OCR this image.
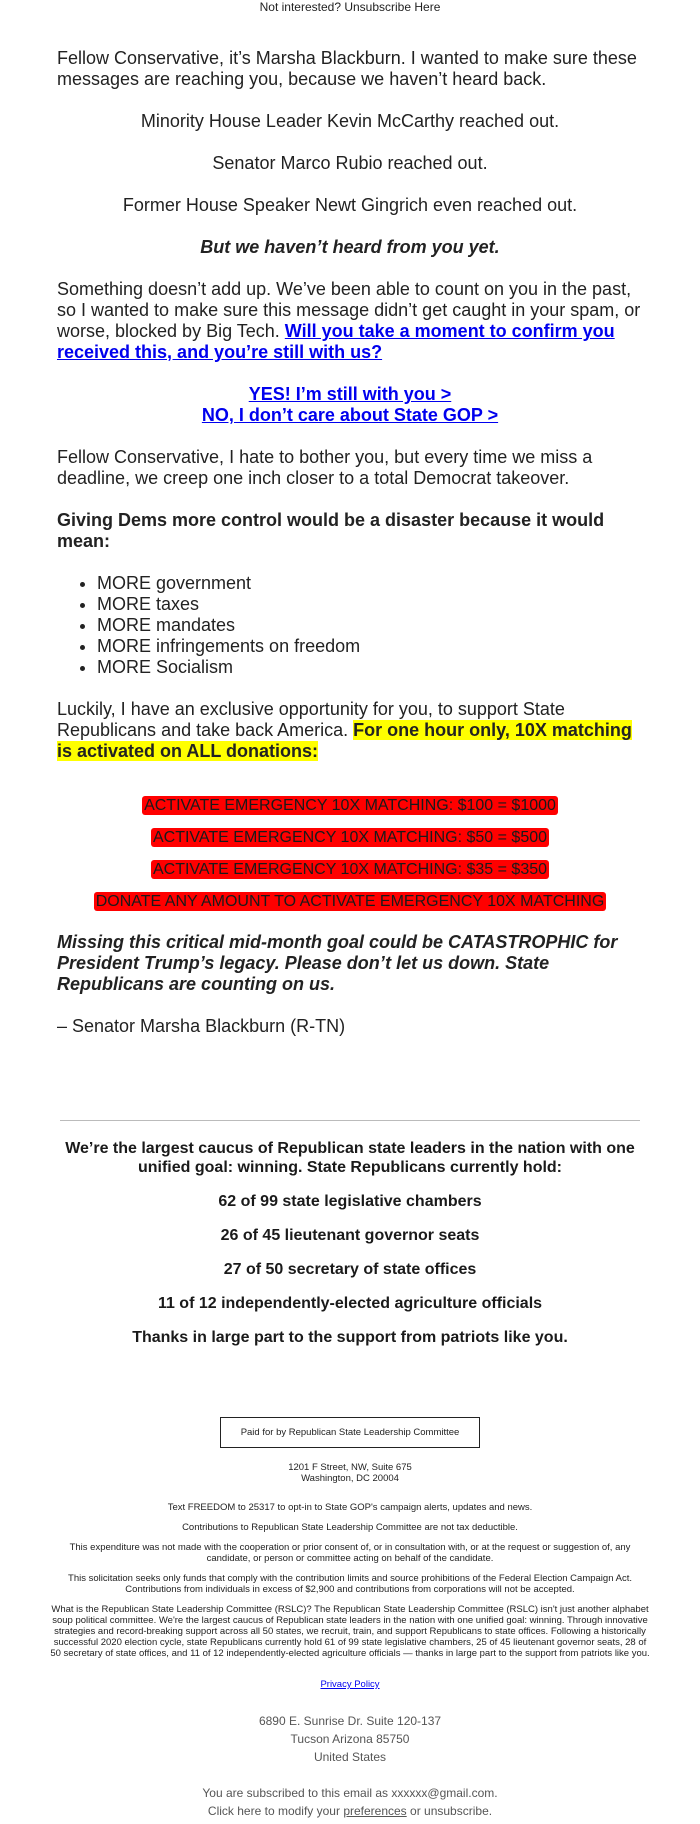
Not interested? Unsubscribe Here

Fellow Conservative, it’s Marsha Blackburn. I wanted to make sure these messages are reaching you, because we haven’t heard back.

Minority House Leader Kevin McCarthy reached out.

Senator Marco Rubio reached out.

Former House Speaker Newt Gingrich even reached out.

But we haven’t heard from you yet.

Something doesn’t add up. We’ve been able to count on you in the past, so I wanted to make sure this message didn’t get caught in your spam, or worse, blocked by Big Tech. Will you take a moment to confirm you received this, and you’re still with us?

YES! I’m still with you >
NO, I don’t care about State GOP >

Fellow Conservative, I hate to bother you, but every time we miss a deadline, we creep one inch closer to a total Democrat takeover.

Giving Dems more control would be a disaster because it would mean:

• MORE government
• MORE taxes
• MORE mandates
• MORE infringements on freedom
• MORE Socialism

Luckily, I have an exclusive opportunity for you, to support State Republicans and take back America. For one hour only, 10X matching is activated on ALL donations:

ACTIVATE EMERGENCY 10X MATCHING: $100 = $1000
ACTIVATE EMERGENCY 10X MATCHING: $50 = $500
ACTIVATE EMERGENCY 10X MATCHING: $35 = $350
DONATE ANY AMOUNT TO ACTIVATE EMERGENCY 10X MATCHING

Missing this critical mid-month goal could be CATASTROPHIC for President Trump’s legacy. Please don’t let us down. State Republicans are counting on us.

– Senator Marsha Blackburn (R-TN)

We’re the largest caucus of Republican state leaders in the nation with one unified goal: winning. State Republicans currently hold:

62 of 99 state legislative chambers

26 of 45 lieutenant governor seats

27 of 50 secretary of state offices

11 of 12 independently-elected agriculture officials

Thanks in large part to the support from patriots like you.

Paid for by Republican State Leadership Committee

1201 F Street, NW, Suite 675
Washington, DC 20004

Text FREEDOM to 25317 to opt-in to State GOP's campaign alerts, updates and news.

Contributions to Republican State Leadership Committee are not tax deductible.

This expenditure was not made with the cooperation or prior consent of, or in consultation with, or at the request or suggestion of, any candidate, or person or committee acting on behalf of the candidate.

This solicitation seeks only funds that comply with the contribution limits and source prohibitions of the Federal Election Campaign Act. Contributions from individuals in excess of $2,900 and contributions from corporations will not be accepted.

What is the Republican State Leadership Committee (RSLC)? The Republican State Leadership Committee (RSLC) isn't just another alphabet soup political committee. We're the largest caucus of Republican state leaders in the nation with one unified goal: winning. Through innovative strategies and record-breaking support across all 50 states, we recruit, train, and support Republicans to state offices. Following a historically successful 2020 election cycle, state Republicans currently hold 61 of 99 state legislative chambers, 25 of 45 lieutenant governor seats, 28 of 50 secretary of state offices, and 11 of 12 independently-elected agriculture officials — thanks in large part to the support from patriots like you.

Privacy Policy

6890 E. Sunrise Dr. Suite 120-137
Tucson Arizona 85750
United States
You are subscribed to this email as xxxxxx@gmail.com.
Click here to modify your preferences or unsubscribe.
